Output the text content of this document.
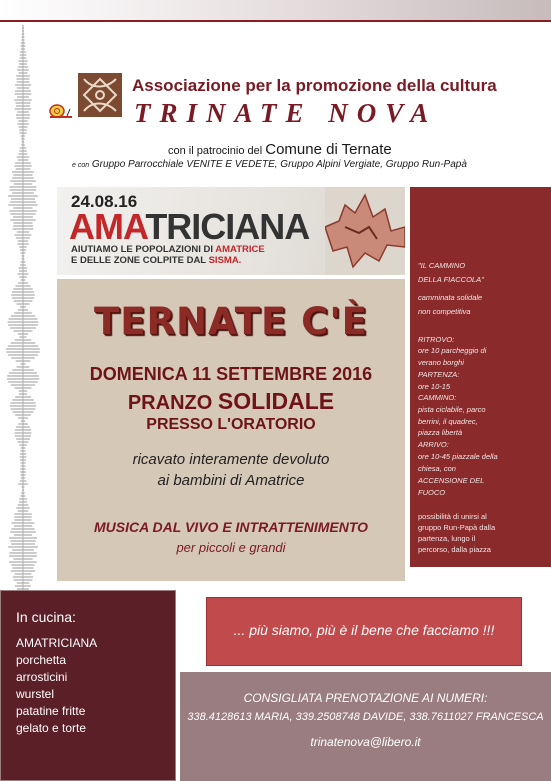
Associazione per la promozione della cultura
TRINATE NOVA
con il patrocinio del Comune di Ternate
e con Gruppo Parrocchiale VENITE E VEDETE, Gruppo Alpini Vergiate, Gruppo Run-Papà
24.08.16
AMATRICIANA
AIUTIAMO LE POPOLAZIONI DI AMATRICE
E DELLE ZONE COLPITE DAL SISMA.
TERNATE C'È
DOMENICA 11 SETTEMBRE 2016
PRANZO SOLIDALE
PRESSO L'ORATORIO
ricavato interamente devoluto
ai bambini di Amatrice
MUSICA DAL VIVO E INTRATTENIMENTO
per piccoli e grandi
"IL CAMMINO
DELLA FIACCOLA"
camminata solidale
non competitiva
RITROVO:
ore 10 parcheggio di
verano borghi
PARTENZA:
ore 10-15
CAMMINO:
pista ciclabile, parco
berrini, il quadrec,
piazza libertà
ARRIVO:
ore 10-45 piazzale della
chiesa, con
ACCENSIONE DEL
FUOCO
possibilità di unirsi al
gruppo Run-Papà dalla
partenza, lungo il
percorso, dalla piazza
In cucina:
AMATRICIANA
porchetta
arrosticini
wurstel
patatine fritte
gelato e torte
... più siamo, più è il bene che facciamo !!!
CONSIGLIATA PRENOTAZIONE AI NUMERI:
338.4128613 MARIA, 339.2508748 DAVIDE, 338.7611027 FRANCESCA
trinatenova@libero.it
